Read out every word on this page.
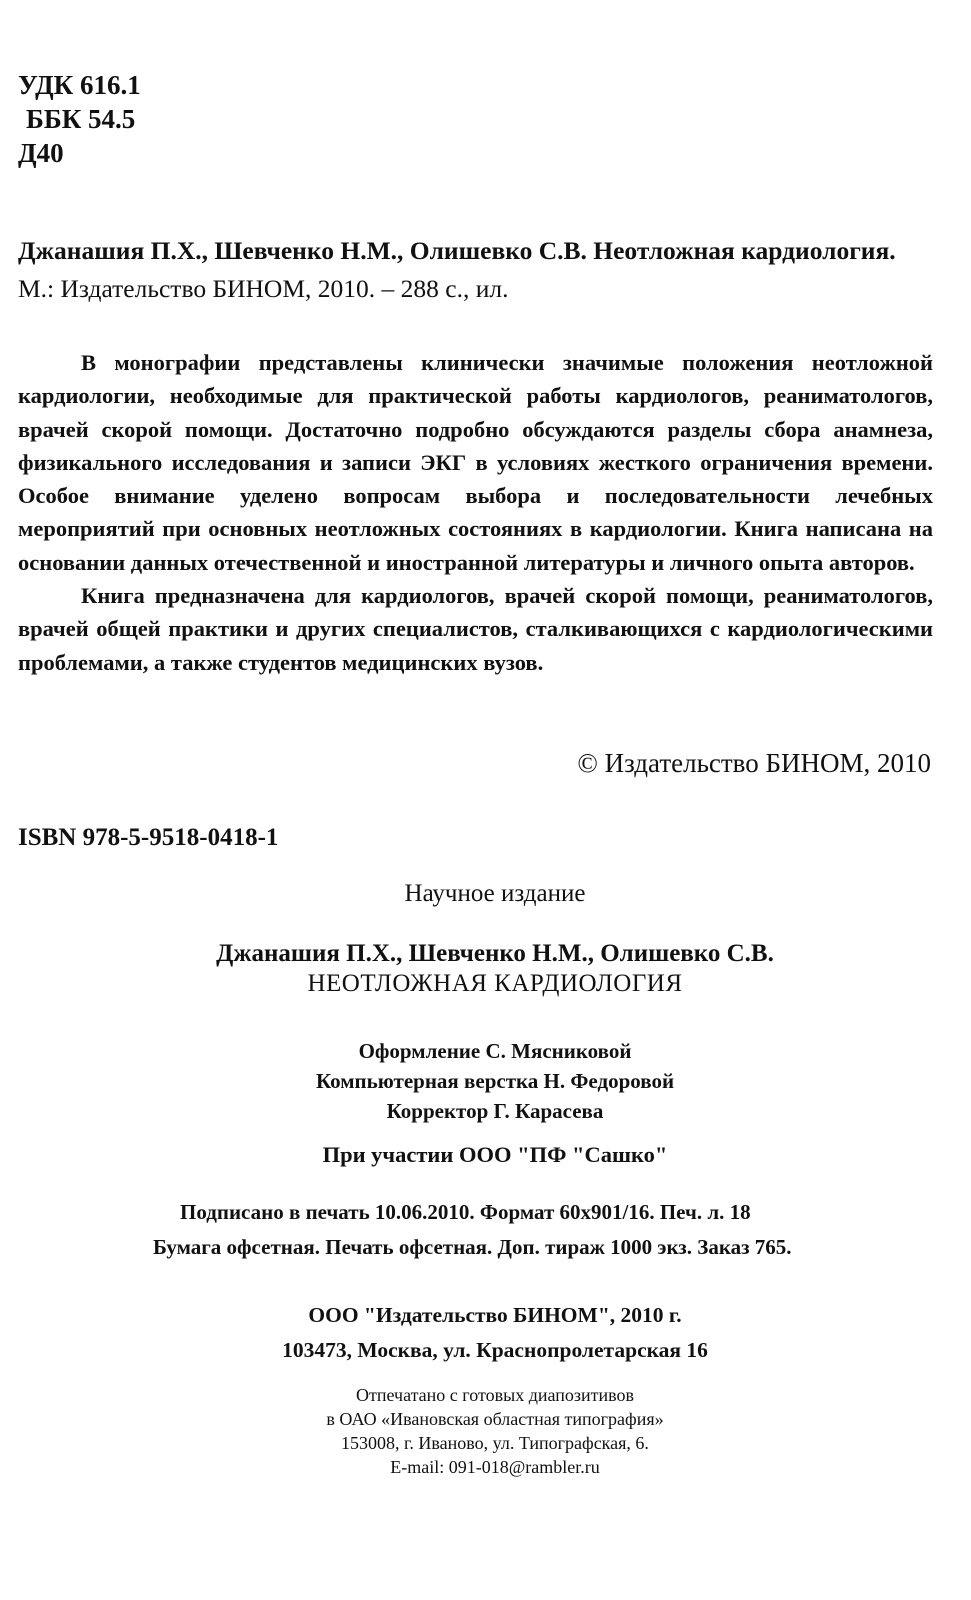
УДК 616.1
ББК 54.5
Д40
Джанашия П.Х., Шевченко Н.М., Олишевко С.В. Неотложная кардиология. М.: Издательство БИНОМ, 2010. – 288 с., ил.

В монографии представлены клинически значимые положения неотложной кардиологии, необходимые для практической работы кардиологов, реаниматологов, врачей скорой помощи. Достаточно подробно обсуждаются разделы сбора анамнеза, физикального исследования и записи ЭКГ в условиях жесткого ограничения времени. Особое внимание уделено вопросам выбора и последовательности лечебных мероприятий при основных неотложных состояниях в кардиологии. Книга написана на основании данных отечественной и иностранной литературы и личного опыта авторов.

Книга предназначена для кардиологов, врачей скорой помощи, реаниматологов, врачей общей практики и других специалистов, сталкивающихся с кардиологическими проблемами, а также студентов медицинских вузов.

© Издательство БИНОМ, 2010
ISBN 978-5-9518-0418-1
Научное издание
Джанашия П.Х., Шевченко Н.М., Олишевко С.В.
НЕОТЛОЖНАЯ КАРДИОЛОГИЯ
Оформление С. Мясниковой
Компьютерная верстка Н. Федоровой
Корректор Г. Карасева
При участии ООО "ПФ "Сашко"
Подписано в печать 10.06.2010. Формат 60x901/16. Печ. л. 18
Бумага офсетная. Печать офсетная. Доп. тираж 1000 экз. Заказ 765.
ООО "Издательство БИНОМ", 2010 г.
103473, Москва, ул. Краснопролетарская 16
Отпечатано с готовых диапозитивов
в ОАО «Ивановская областная типография»
153008, г. Иваново, ул. Типографская, 6.
E-mail: 091-018@rambler.ru
